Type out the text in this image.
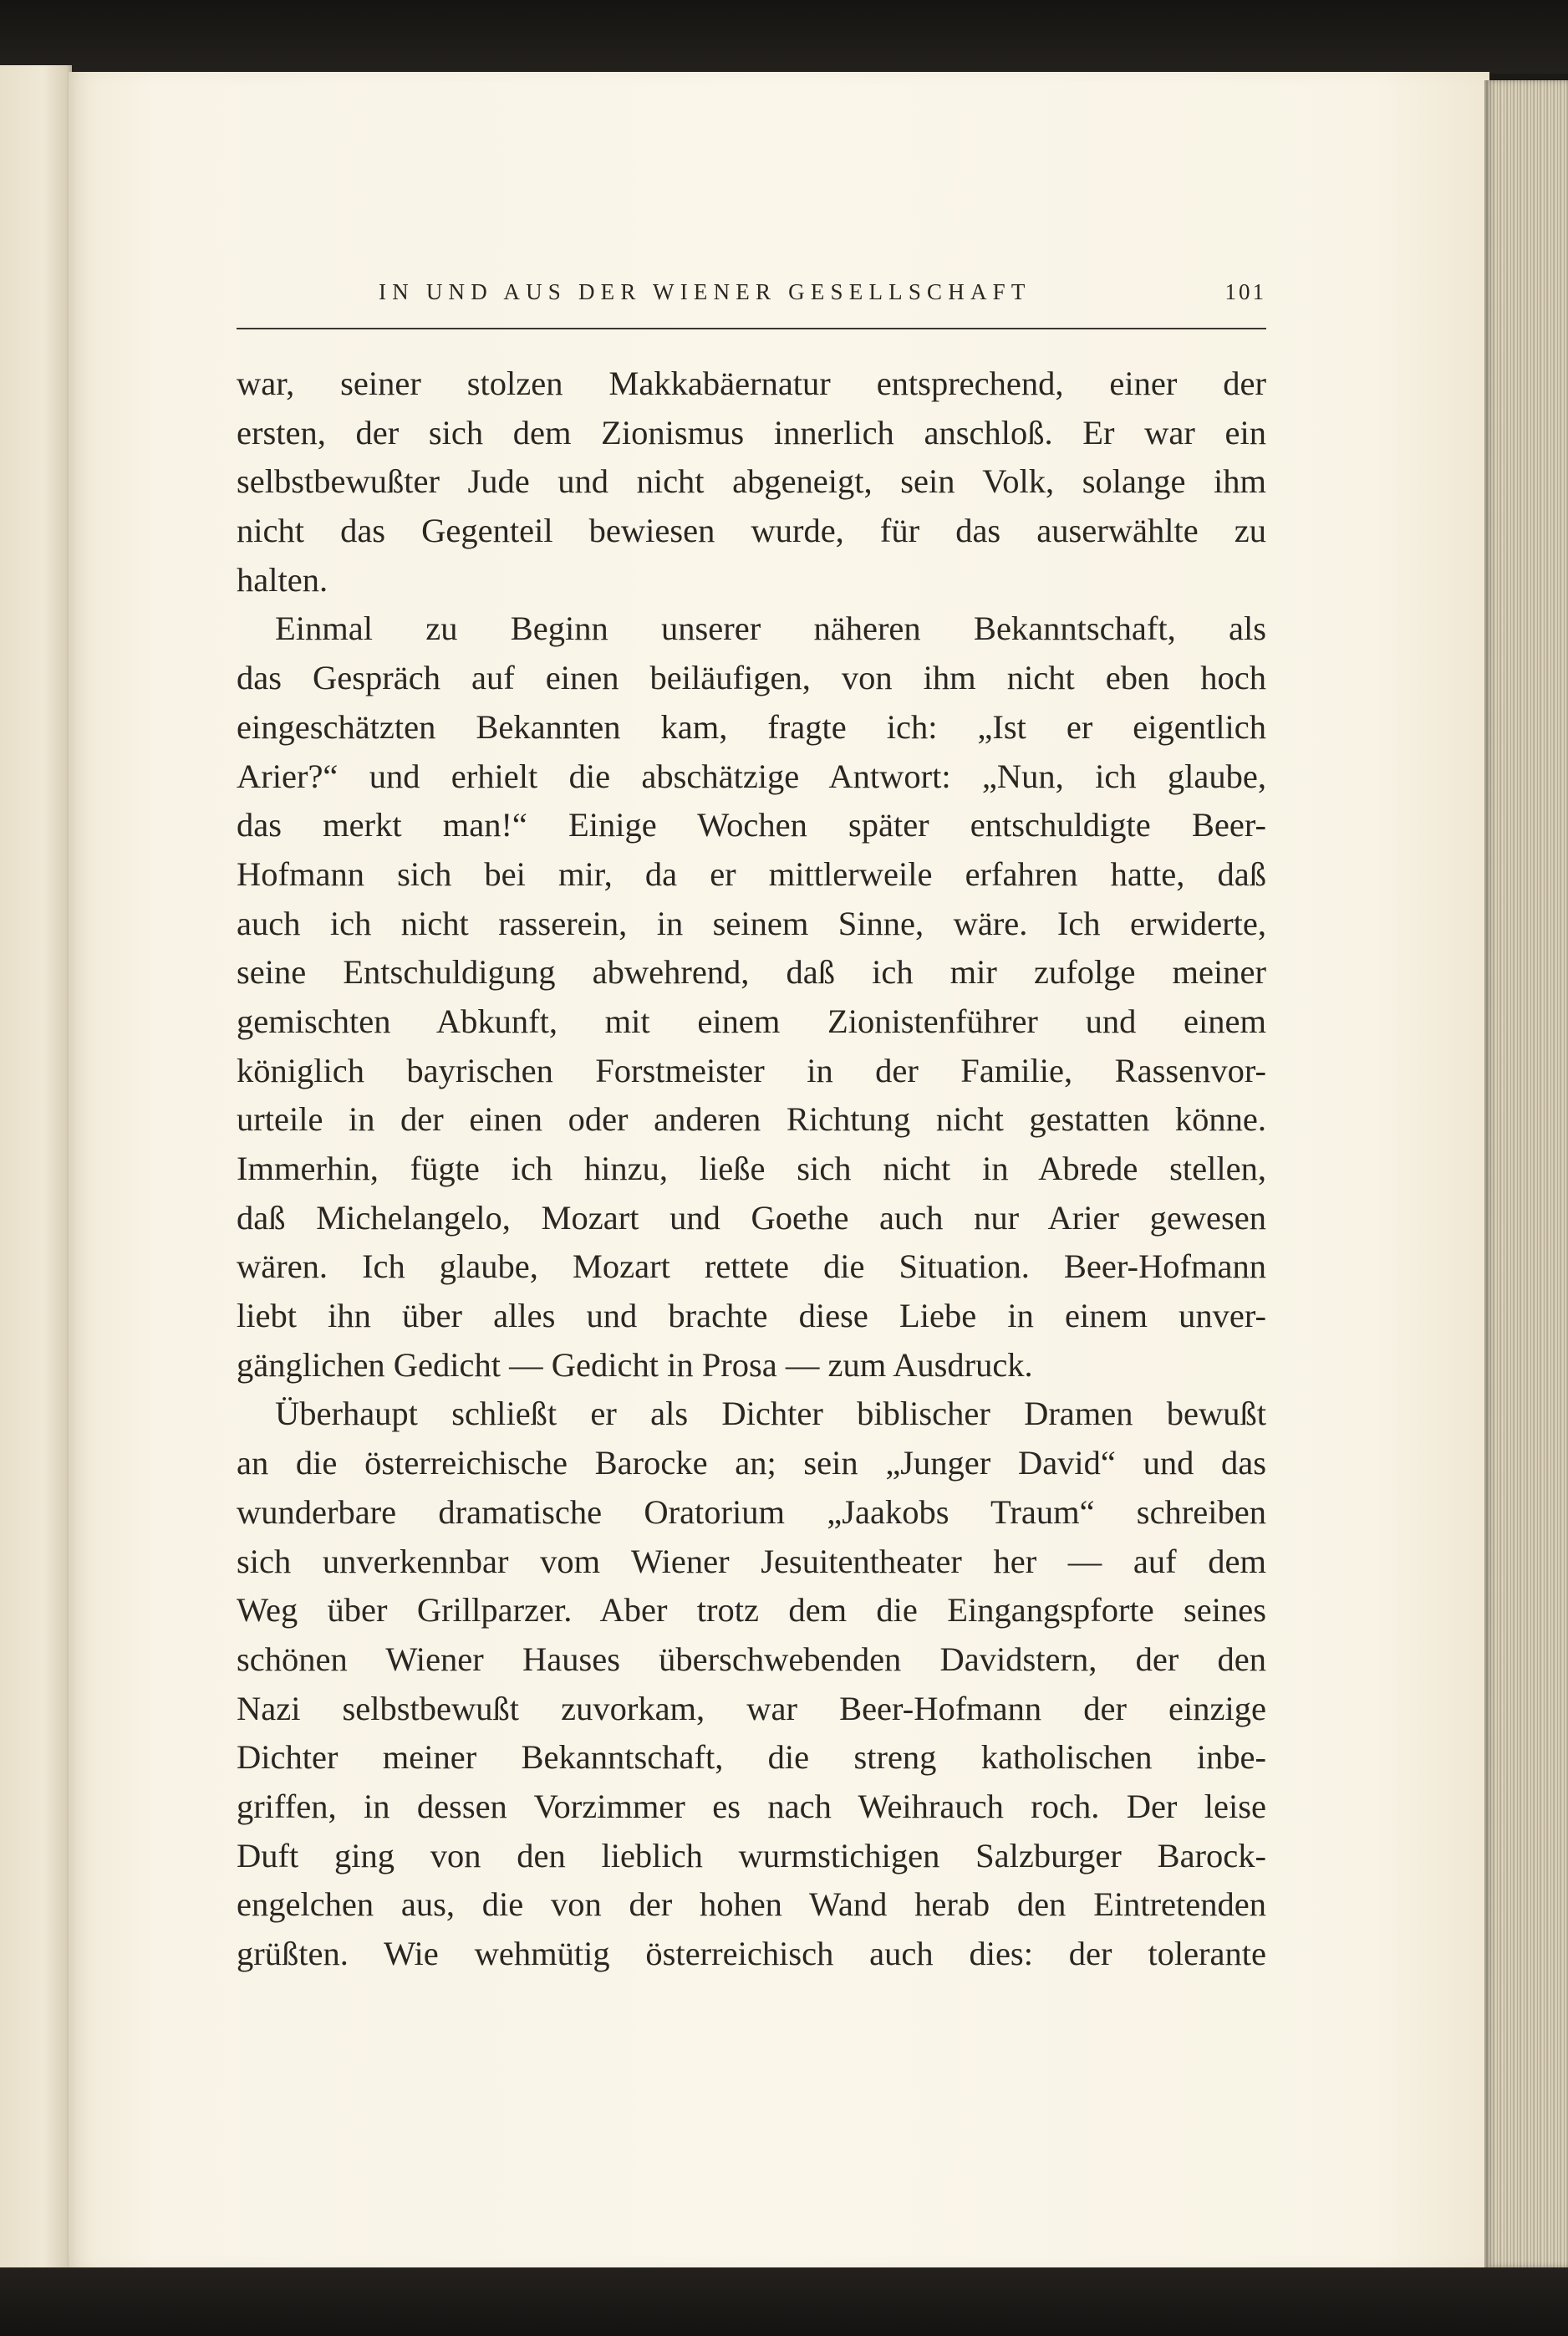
IN UND AUS DER WIENER GESELLSCHAFT	101
war, seiner stolzen Makkabäernatur entsprechend, einer der
ersten, der sich dem Zionismus innerlich anschloß. Er war ein
selbstbewußter Jude und nicht abgeneigt, sein Volk, solange ihm
nicht das Gegenteil bewiesen wurde, für das auserwählte zu
halten.
Einmal zu Beginn unserer näheren Bekanntschaft, als
das Gespräch auf einen beiläufigen, von ihm nicht eben hoch
eingeschätzten Bekannten kam, fragte ich: „Ist er eigentlich
Arier?“ und erhielt die abschätzige Antwort: „Nun, ich glaube,
das merkt man!“ Einige Wochen später entschuldigte Beer-
Hofmann sich bei mir, da er mittlerweile erfahren hatte, daß
auch ich nicht rasserein, in seinem Sinne, wäre. Ich erwiderte,
seine Entschuldigung abwehrend, daß ich mir zufolge meiner
gemischten Abkunft, mit einem Zionistenführer und einem
königlich bayrischen Forstmeister in der Familie, Rassenvor-
urteile in der einen oder anderen Richtung nicht gestatten könne.
Immerhin, fügte ich hinzu, ließe sich nicht in Abrede stellen,
daß Michelangelo, Mozart und Goethe auch nur Arier gewesen
wären. Ich glaube, Mozart rettete die Situation. Beer-Hofmann
liebt ihn über alles und brachte diese Liebe in einem unver-
gänglichen Gedicht — Gedicht in Prosa — zum Ausdruck.
Überhaupt schließt er als Dichter biblischer Dramen bewußt
an die österreichische Barocke an; sein „Junger David“ und das
wunderbare dramatische Oratorium „Jaakobs Traum“ schreiben
sich unverkennbar vom Wiener Jesuitentheater her — auf dem
Weg über Grillparzer. Aber trotz dem die Eingangspforte seines
schönen Wiener Hauses überschwebenden Davidstern, der den
Nazi selbstbewußt zuvorkam, war Beer-Hofmann der einzige
Dichter meiner Bekanntschaft, die streng katholischen inbe-
griffen, in dessen Vorzimmer es nach Weihrauch roch. Der leise
Duft ging von den lieblich wurmstichigen Salzburger Barock-
engelchen aus, die von der hohen Wand herab den Eintretenden
grüßten. Wie wehmütig österreichisch auch dies: der tolerante
